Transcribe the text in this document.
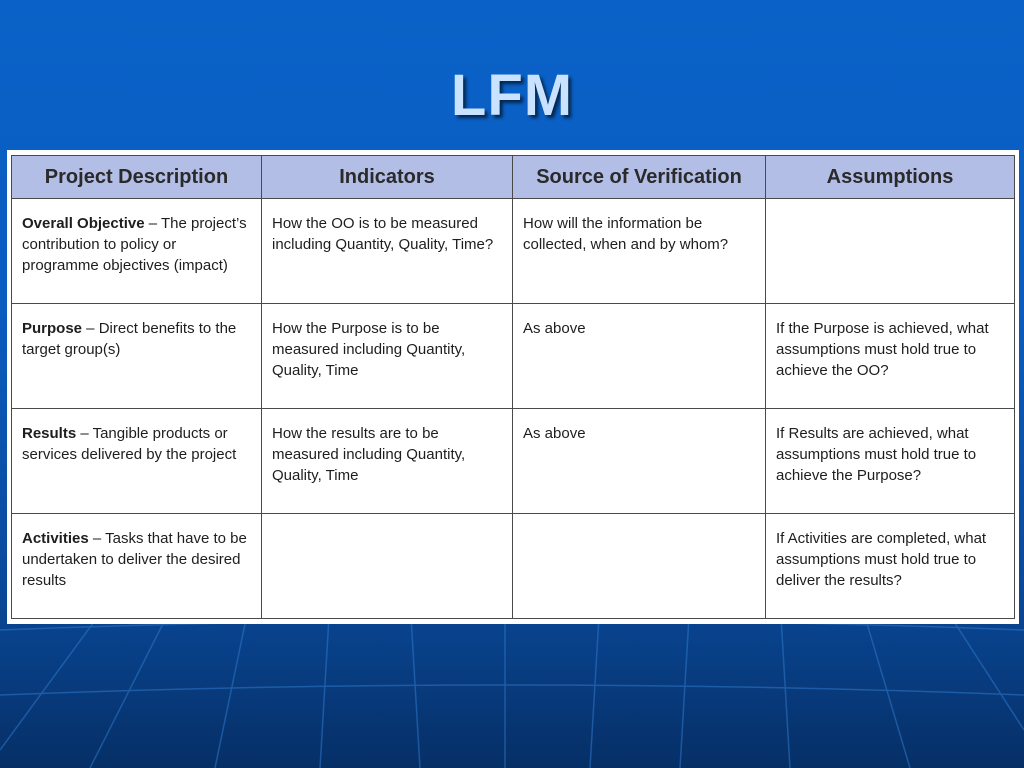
LFM
Project Description	Indicators	Source of Verification	Assumptions
Overall Objective – The project’s contribution to policy or programme objectives (impact)	How the OO is to be measured including Quantity, Quality, Time?	How will the information be collected, when and by whom?	
Purpose – Direct benefits to the target group(s)	How the Purpose is to be measured including Quantity, Quality, Time	As above	If the Purpose is achieved, what assumptions must hold true to achieve the OO?
Results – Tangible products or services delivered by the project	How the results are to be measured including Quantity, Quality, Time	As above	If Results are achieved, what assumptions must hold true to achieve the Purpose?
Activities – Tasks that have to be undertaken to deliver the desired results			If Activities are completed, what assumptions must hold true to deliver the results?
